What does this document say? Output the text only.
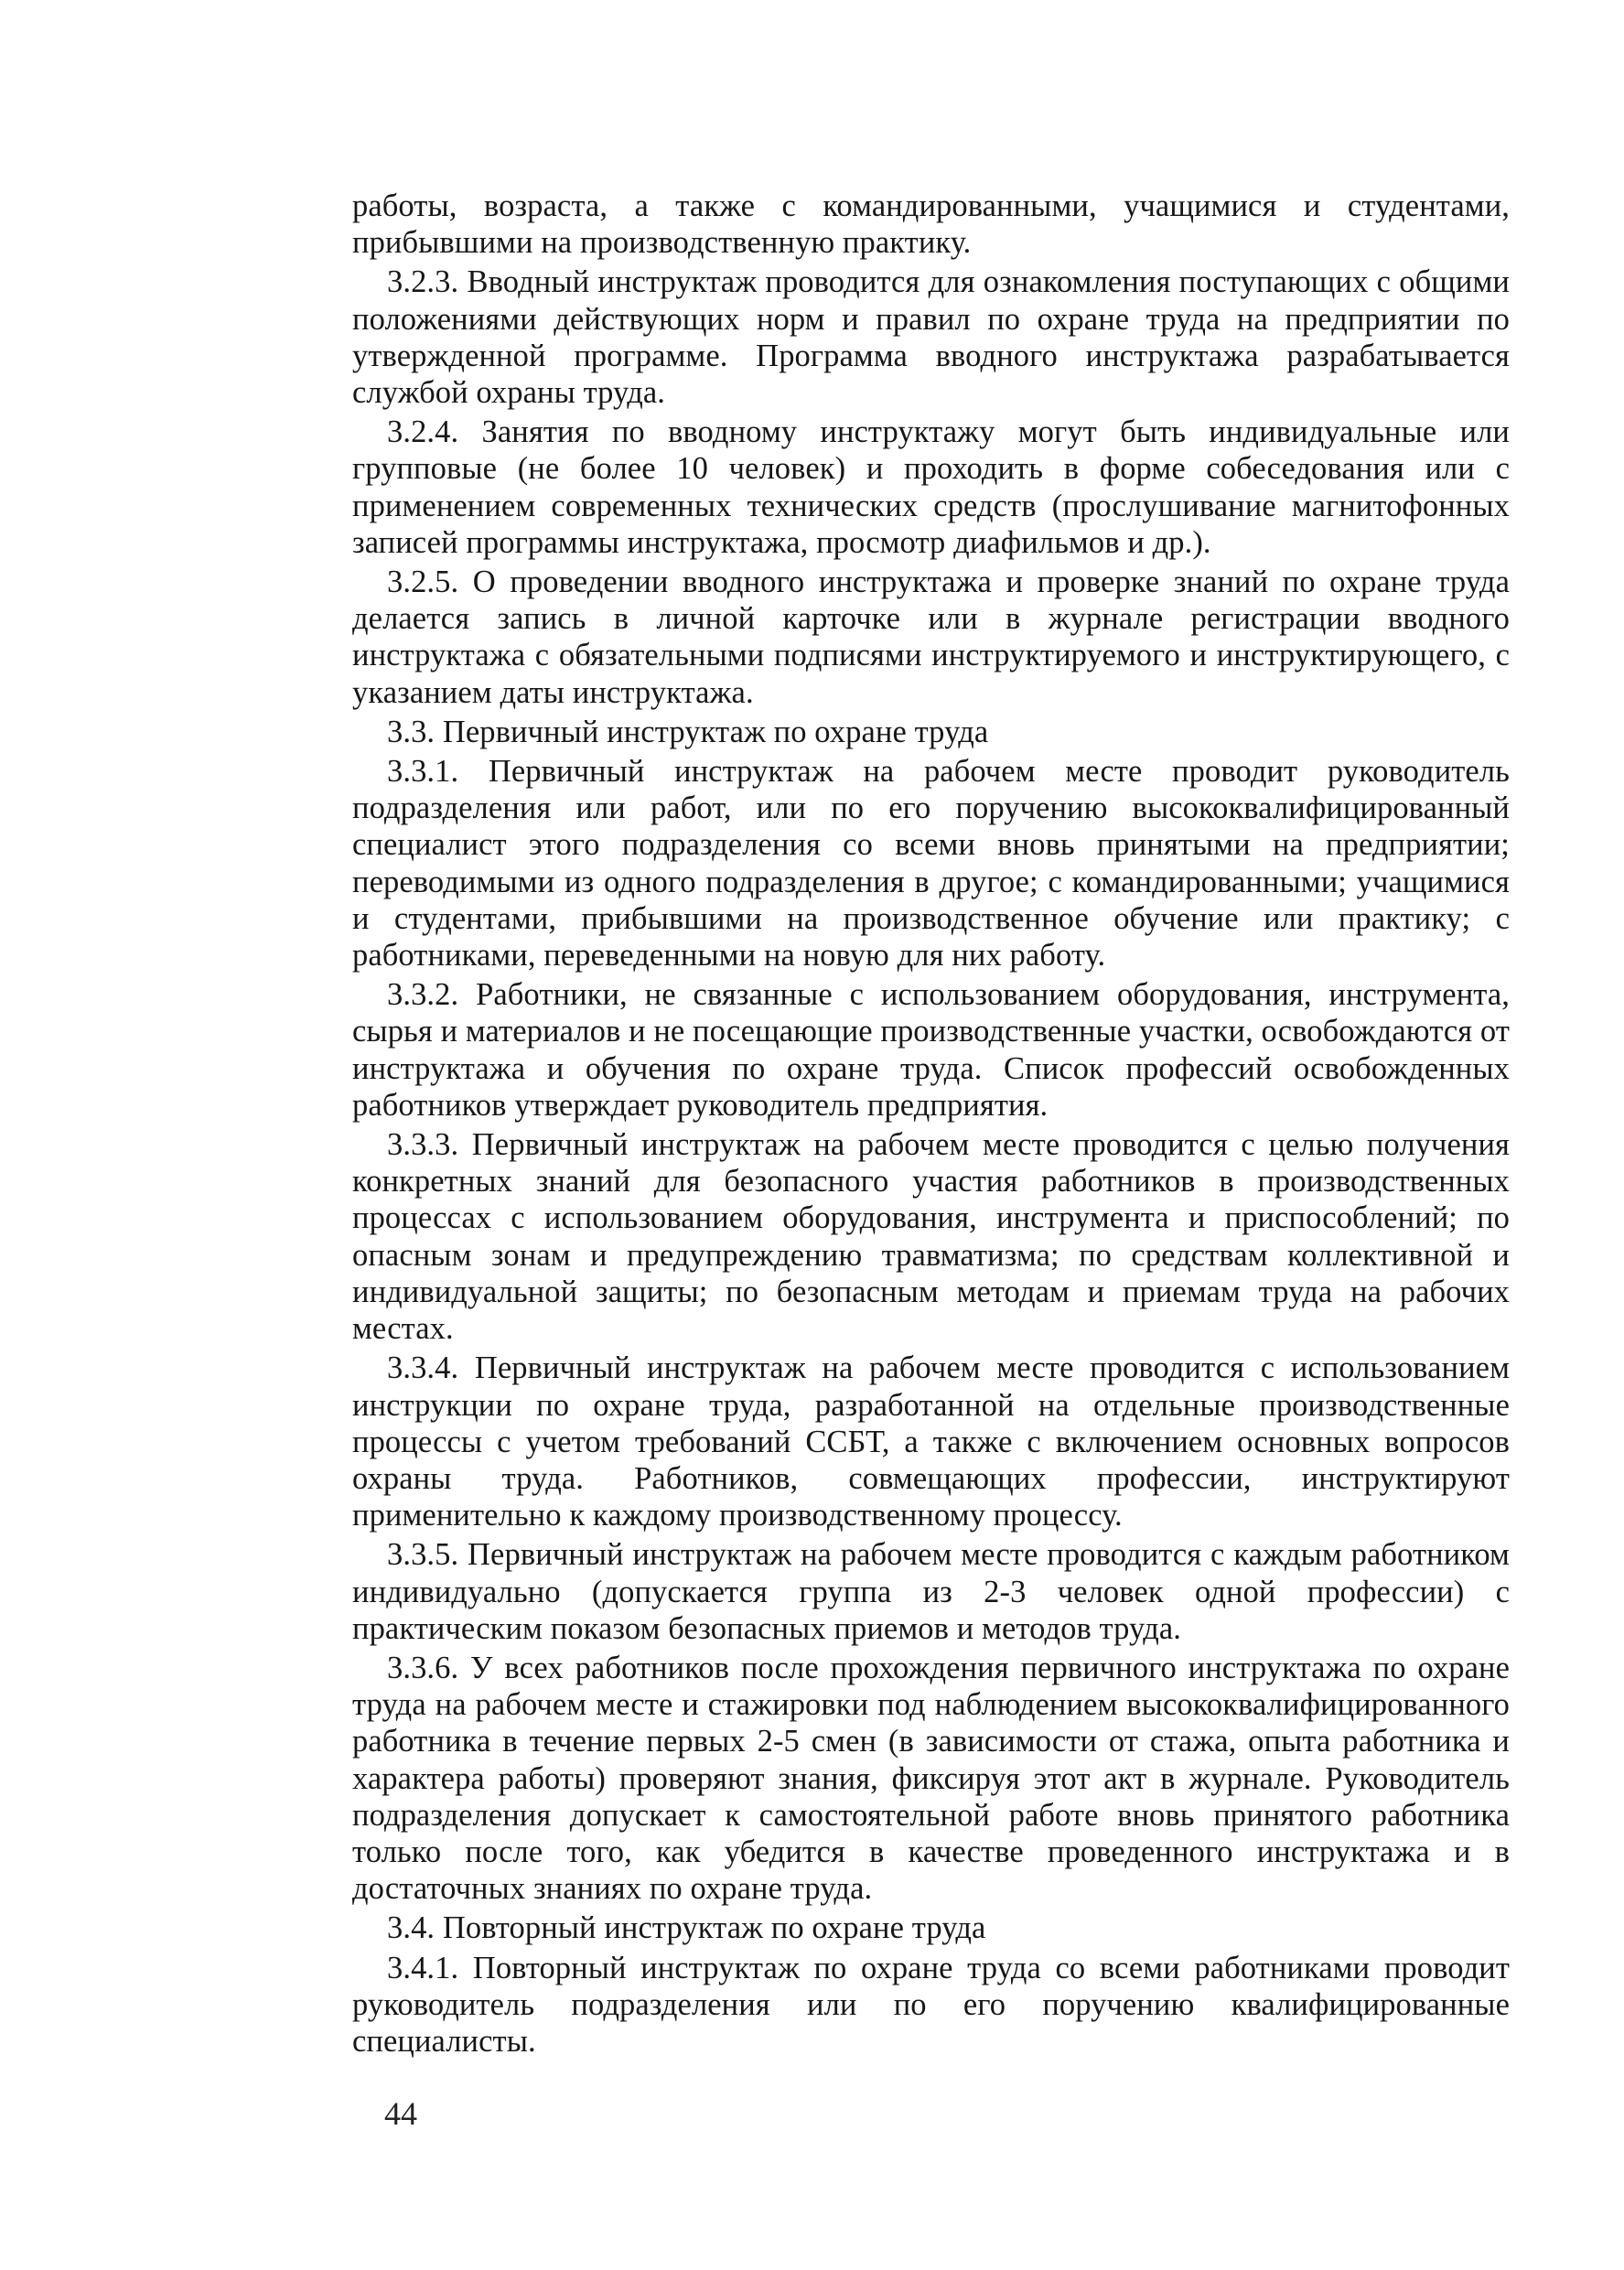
работы, возраста, а также с командированными, учащимися и студентами, прибывшими на производственную практику.

3.2.3. Вводный инструктаж проводится для ознакомления поступающих с общими положениями действующих норм и правил по охране труда на предприятии по утвержденной программе. Программа вводного инструктажа разрабатывается службой охраны труда.

3.2.4. Занятия по вводному инструктажу могут быть индивидуальные или групповые (не более 10 человек) и проходить в форме собеседования или с применением современных технических средств (прослушивание магнитофонных записей программы инструктажа, просмотр диафильмов и др.).

3.2.5. О проведении вводного инструктажа и проверке знаний по охране труда делается запись в личной карточке или в журнале регистрации вводного инструктажа с обязательными подписями инструктируемого и инструктирующего, с указанием даты инструктажа.

3.3. Первичный инструктаж по охране труда

3.3.1. Первичный инструктаж на рабочем месте проводит руководитель подразделения или работ, или по его поручению высококвалифицированный специалист этого подразделения со всеми вновь принятыми на предприятии; переводимыми из одного подразделения в другое; с командированными; учащимися и студентами, прибывшими на производственное обучение или практику; с работниками, переведенными на новую для них работу.

3.3.2. Работники, не связанные с использованием оборудования, инструмента, сырья и материалов и не посещающие производственные участки, освобождаются от инструктажа и обучения по охране труда. Список профессий освобожденных работников утверждает руководитель предприятия.

3.3.3. Первичный инструктаж на рабочем месте проводится с целью получения конкретных знаний для безопасного участия работников в производственных процессах с использованием оборудования, инструмента и приспособлений; по опасным зонам и предупреждению травматизма; по средствам коллективной и индивидуальной защиты; по безопасным методам и приемам труда на рабочих местах.

3.3.4. Первичный инструктаж на рабочем месте проводится с использованием инструкции по охране труда, разработанной на отдельные производственные процессы с учетом требований ССБТ, а также с включением основных вопросов охраны труда. Работников, совмещающих профессии, инструктируют применительно к каждому производственному процессу.

3.3.5. Первичный инструктаж на рабочем месте проводится с каждым работником индивидуально (допускается группа из 2-3 человек одной профессии) с практическим показом безопасных приемов и методов труда.

3.3.6. У всех работников после прохождения первичного инструктажа по охране труда на рабочем месте и стажировки под наблюдением высококвалифицированного работника в течение первых 2-5 смен (в зависимости от стажа, опыта работника и характера работы) проверяют знания, фиксируя этот акт в журнале. Руководитель подразделения допускает к самостоятельной работе вновь принятого работника только после того, как убедится в качестве проведенного инструктажа и в достаточных знаниях по охране труда.

3.4. Повторный инструктаж по охране труда

3.4.1. Повторный инструктаж по охране труда со всеми работниками проводит руководитель подразделения или по его поручению квалифицированные специалисты.

44
